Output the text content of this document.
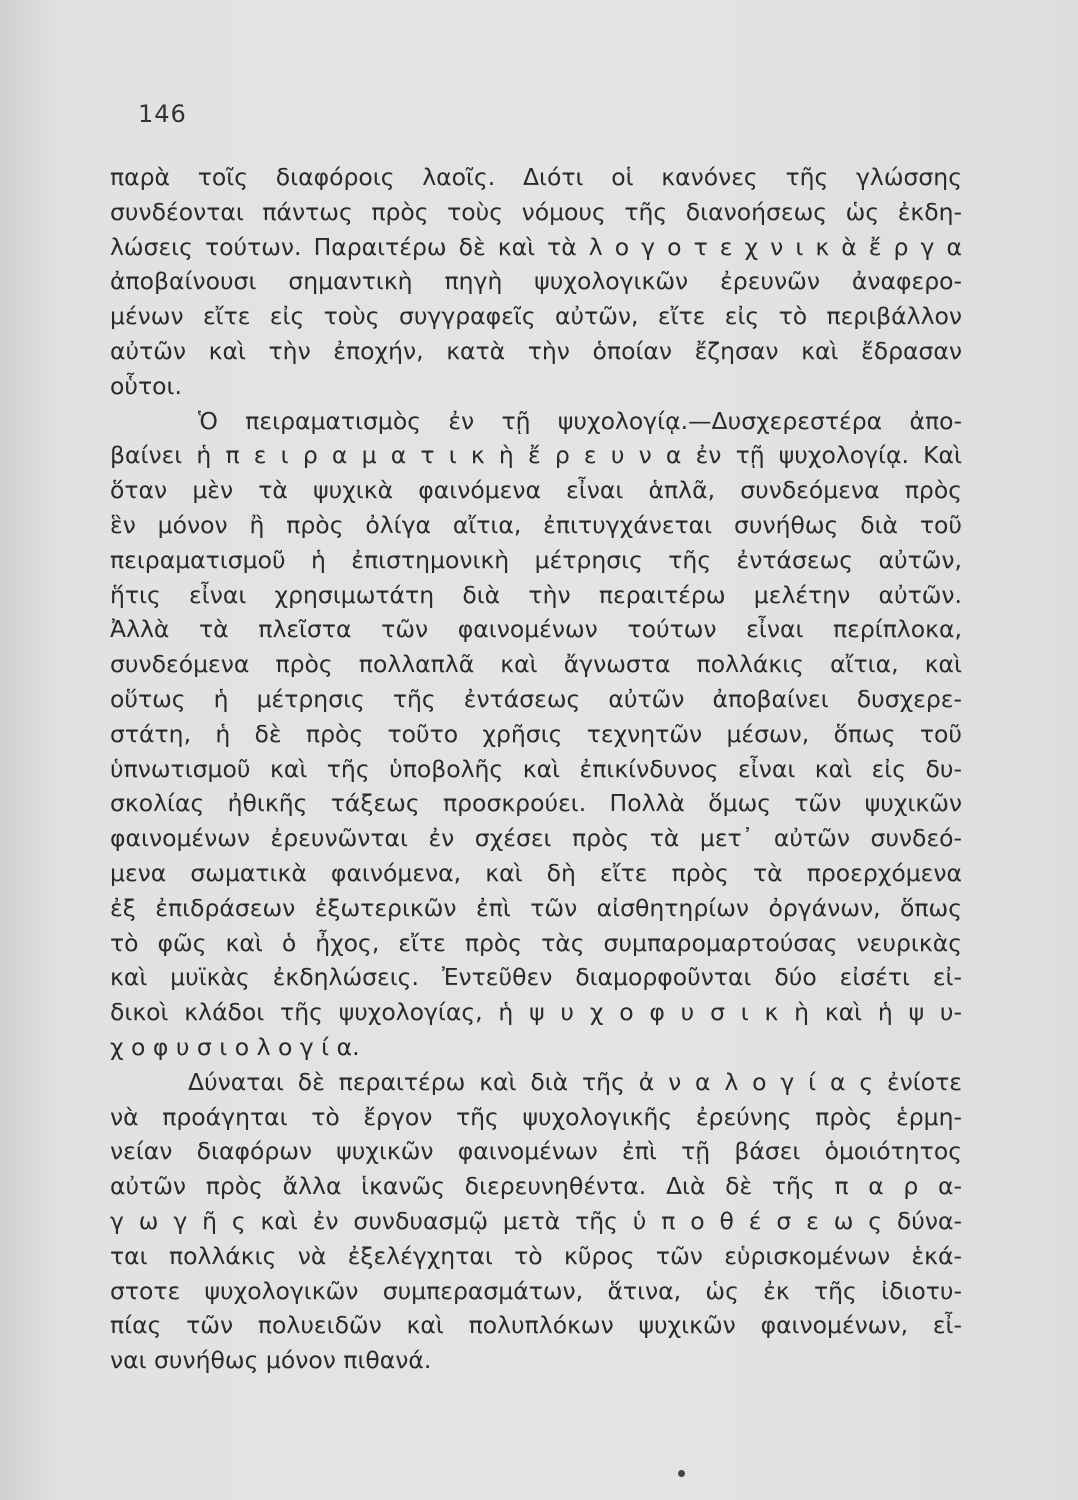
146
παρὰ τοῖς διαφόροις λαοῖς. Διότι οἱ κανόνες τῆς γλώσσης
συνδέονται πάντως πρὸς τοὺς νόμους τῆς διανοήσεως ὡς ἐκδη-
λώσεις τούτων. Παραιτέρω δὲ καὶ τὰ λ ο γ ο τ ε χ ν ι κ ὰ ἔ ρ γ α
ἀποβαίνουσι σημαντικὴ πηγὴ ψυχολογικῶν ἐρευνῶν ἀναφερο-
μένων εἴτε εἰς τοὺς συγγραφεῖς αὐτῶν, εἴτε εἰς τὸ περιβάλλον
αὐτῶν καὶ τὴν ἐποχήν, κατὰ τὴν ὁποίαν ἔζησαν καὶ ἔδρασαν
οὗτοι.
Ὁ πειραματισμὸς ἐν τῇ ψυχολογίᾳ.—Δυσχερεστέρα ἀπο-
βαίνει ἡ π ε ι ρ α μ α τ ι κ ὴ ἔ ρ ε υ ν α ἐν τῇ ψυχολογίᾳ. Καὶ
ὅταν μὲν τὰ ψυχικὰ φαινόμενα εἶναι ἁπλᾶ, συνδεόμενα πρὸς
ἓν μόνον ἢ πρὸς ὀλίγα αἴτια, ἐπιτυγχάνεται συνήθως διὰ τοῦ
πειραματισμοῦ ἡ ἐπιστημονικὴ μέτρησις τῆς ἐντάσεως αὐτῶν,
ἥτις εἶναι χρησιμωτάτη διὰ τὴν περαιτέρω μελέτην αὐτῶν.
Ἀλλὰ τὰ πλεῖστα τῶν φαινομένων τούτων εἶναι περίπλοκα,
συνδεόμενα πρὸς πολλαπλᾶ καὶ ἄγνωστα πολλάκις αἴτια, καὶ
οὕτως ἡ μέτρησις τῆς ἐντάσεως αὐτῶν ἀποβαίνει δυσχερε-
στάτη, ἡ δὲ πρὸς τοῦτο χρῆσις τεχνητῶν μέσων, ὅπως τοῦ
ὑπνωτισμοῦ καὶ τῆς ὑποβολῆς καὶ ἐπικίνδυνος εἶναι καὶ εἰς δυ-
σκολίας ἠθικῆς τάξεως προσκρούει. Πολλὰ ὅμως τῶν ψυχικῶν
φαινομένων ἐρευνῶνται ἐν σχέσει πρὸς τὰ μετ᾽ αὐτῶν συνδεό-
μενα σωματικὰ φαινόμενα, καὶ δὴ εἴτε πρὸς τὰ προερχόμενα
ἐξ ἐπιδράσεων ἐξωτερικῶν ἐπὶ τῶν αἰσθητηρίων ὀργάνων, ὅπως
τὸ φῶς καὶ ὁ ἦχος, εἴτε πρὸς τὰς συμπαρομαρτούσας νευρικὰς
καὶ μυϊκὰς ἐκδηλώσεις. Ἐντεῦθεν διαμορφοῦνται δύο εἰσέτι εἰ-
δικοὶ κλάδοι τῆς ψυχολογίας, ἡ ψ υ χ ο φ υ σ ι κ ὴ καὶ ἡ ψ υ-
χ ο φ υ σ ι ο λ ο γ ί α.
Δύναται δὲ περαιτέρω καὶ διὰ τῆς ἀ ν α λ ο γ ί α ς ἐνίοτε
νὰ προάγηται τὸ ἔργον τῆς ψυχολογικῆς ἐρεύνης πρὸς ἑρμη-
νείαν διαφόρων ψυχικῶν φαινομένων ἐπὶ τῇ βάσει ὁμοιότητος
αὐτῶν πρὸς ἄλλα ἱκανῶς διερευνηθέντα. Διὰ δὲ τῆς π α ρ α-
γ ω γ ῆ ς καὶ ἐν συνδυασμῷ μετὰ τῆς ὑ π ο θ έ σ ε ω ς δύνα-
ται πολλάκις νὰ ἐξελέγχηται τὸ κῦρος τῶν εὑρισκομένων ἑκά-
στοτε ψυχολογικῶν συμπερασμάτων, ἅτινα, ὡς ἐκ τῆς ἰδιοτυ-
πίας τῶν πολυειδῶν καὶ πολυπλόκων ψυχικῶν φαινομένων, εἶ-
ναι συνήθως μόνον πιθανά.
